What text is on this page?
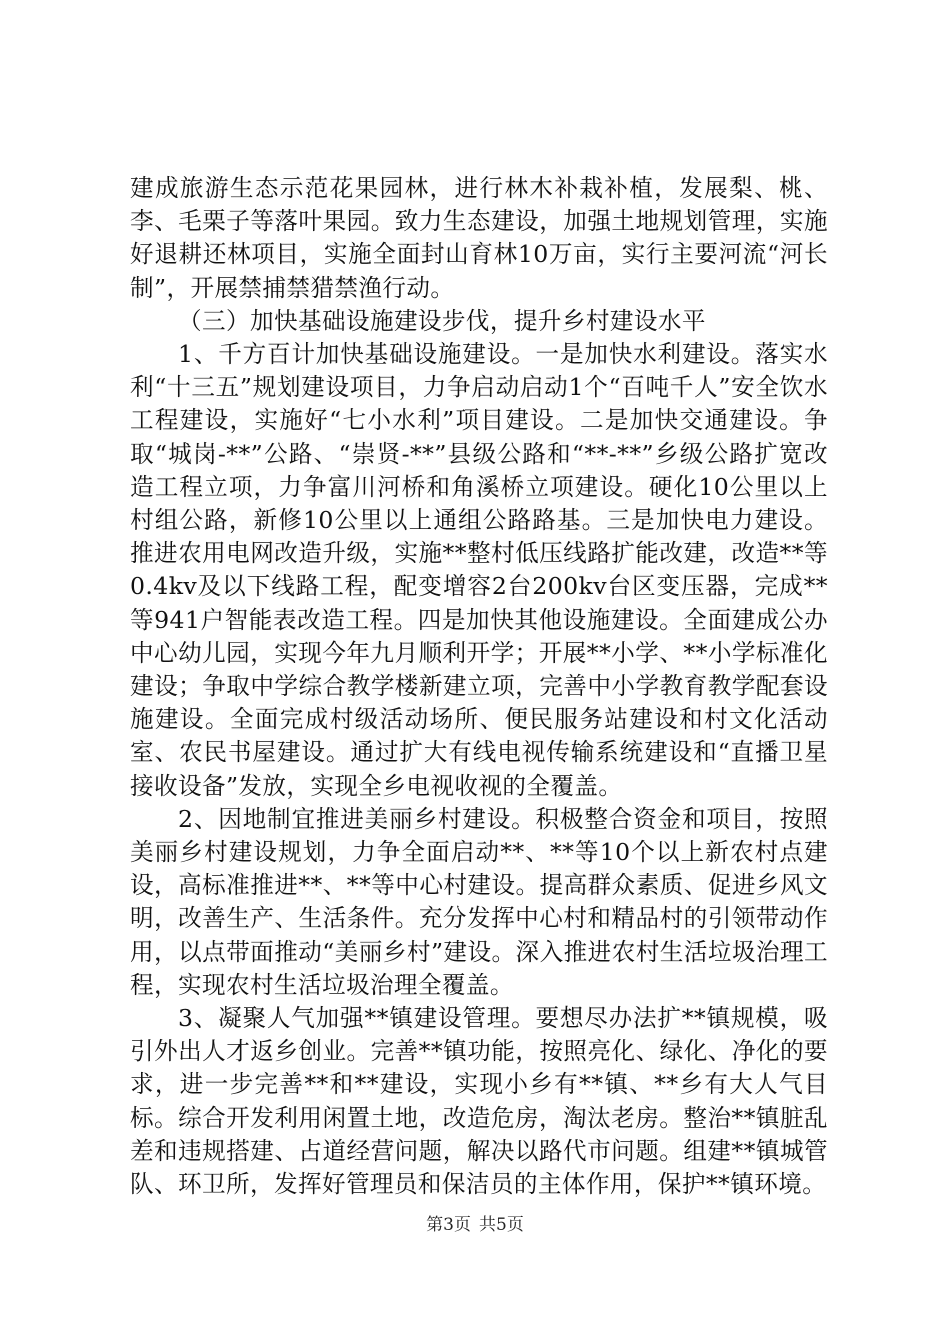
建成旅游生态示范花果园林，进行林木补栽补植，发展梨、桃、李、毛栗子等落叶果园。致力生态建设，加强土地规划管理，实施好退耕还林项目，实施全面封山育林10万亩，实行主要河流“河长制”，开展禁捕禁猎禁渔行动。

（三）加快基础设施建设步伐，提升乡村建设水平

1、千方百计加快基础设施建设。一是加快水利建设。落实水利“十三五”规划建设项目，力争启动启动1个“百吨千人”安全饮水工程建设，实施好“七小水利”项目建设。二是加快交通建设。争取“城岗-**”公路、“崇贤-**”县级公路和“**-**”乡级公路扩宽改造工程立项，力争富川河桥和角溪桥立项建设。硬化10公里以上村组公路，新修10公里以上通组公路路基。三是加快电力建设。推进农用电网改造升级，实施**整村低压线路扩能改建，改造**等0.4kv及以下线路工程，配变增容2台200kv台区变压器，完成**等941户智能表改造工程。四是加快其他设施建设。全面建成公办中心幼儿园，实现今年九月顺利开学；开展**小学、**小学标准化建设；争取中学综合教学楼新建立项，完善中小学教育教学配套设施建设。全面完成村级活动场所、便民服务站建设和村文化活动室、农民书屋建设。通过扩大有线电视传输系统建设和“直播卫星接收设备”发放，实现全乡电视收视的全覆盖。

2、因地制宜推进美丽乡村建设。积极整合资金和项目，按照美丽乡村建设规划，力争全面启动**、**等10个以上新农村点建设，高标准推进**、**等中心村建设。提高群众素质、促进乡风文明，改善生产、生活条件。充分发挥中心村和精品村的引领带动作用，以点带面推动“美丽乡村”建设。深入推进农村生活垃圾治理工程，实现农村生活垃圾治理全覆盖。

3、凝聚人气加强**镇建设管理。要想尽办法扩**镇规模，吸引外出人才返乡创业。完善**镇功能，按照亮化、绿化、净化的要求，进一步完善**和**建设，实现小乡有**镇、**乡有大人气目标。综合开发利用闲置土地，改造危房，淘汰老房。整治**镇脏乱差和违规搭建、占道经营问题，解决以路代市问题。组建**镇城管队、环卫所，发挥好管理员和保洁员的主体作用，保护**镇环境。

第3页 共5页
